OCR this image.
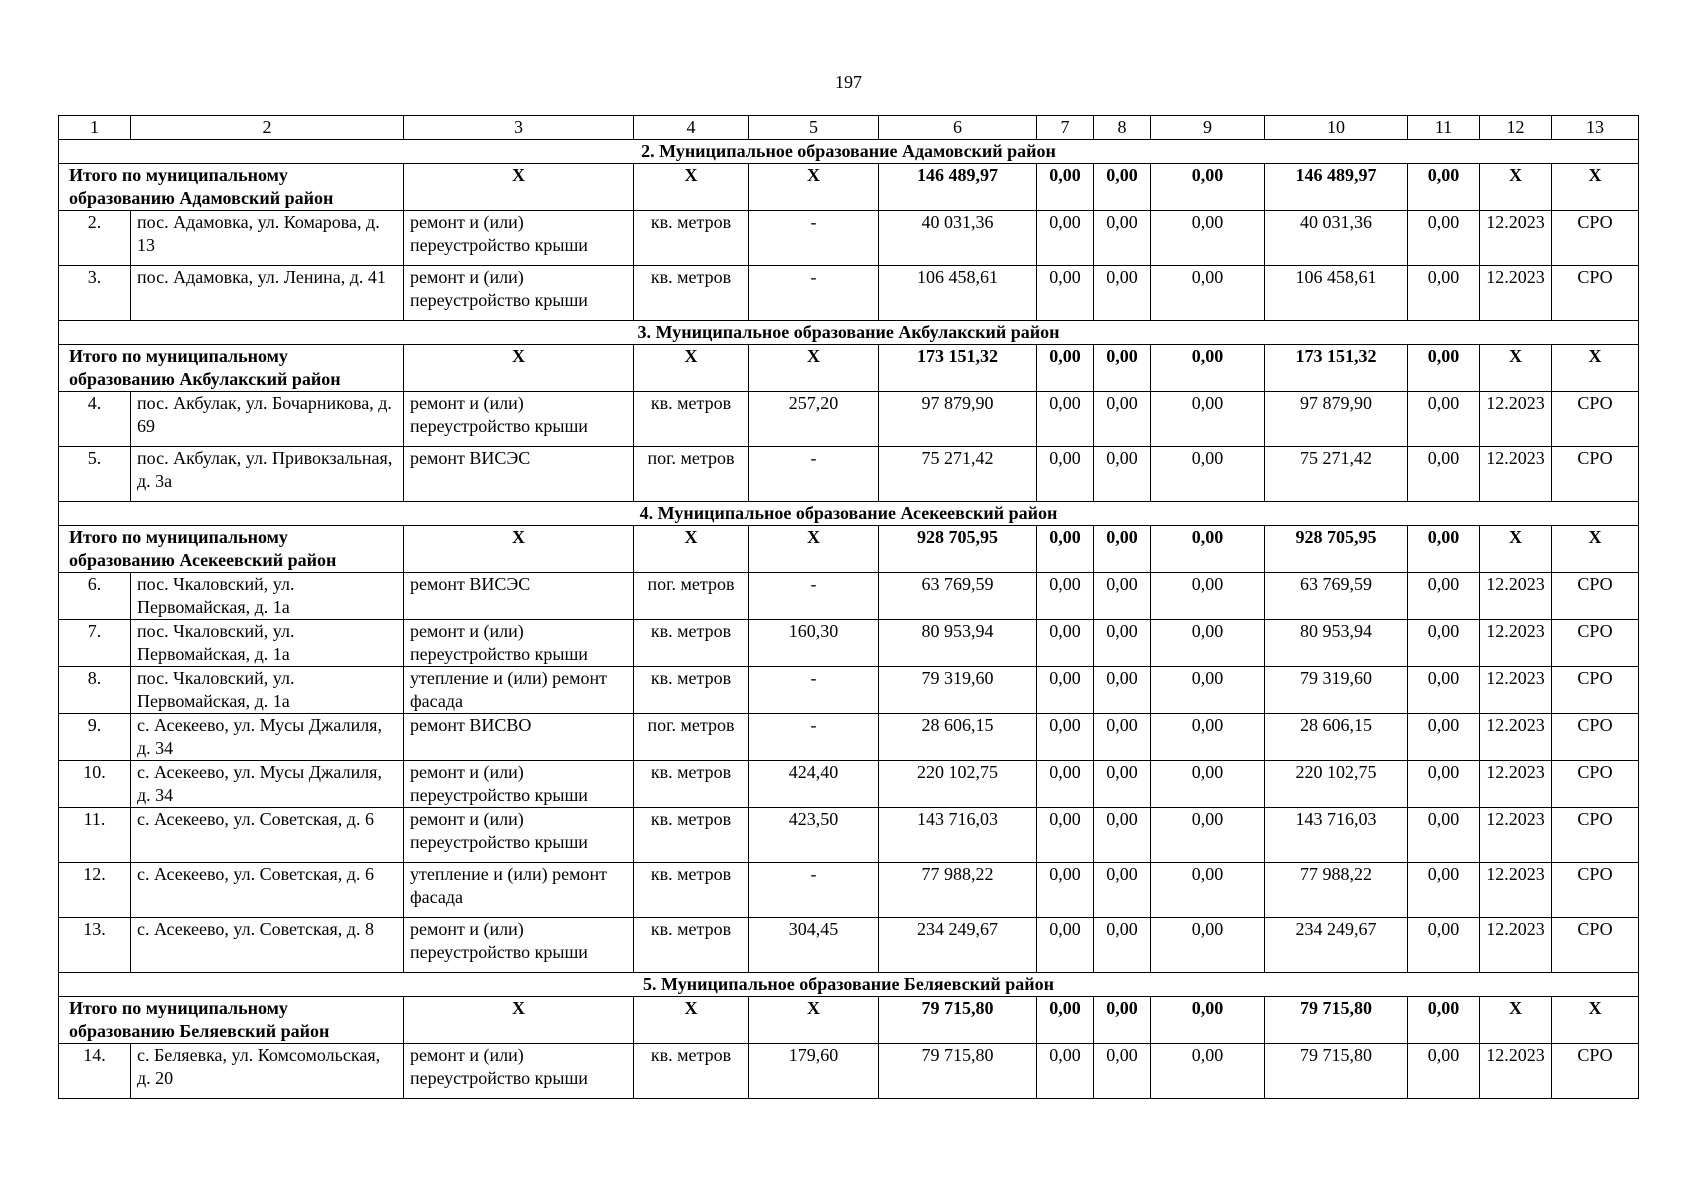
197
1	2	3	4	5	6	7	8	9	10	11	12	13
2. Муниципальное образование Адамовский район												
Итого по муниципальному образованию Адамовский район		Х	Х	Х	146 489,97	0,00	0,00	0,00	146 489,97	0,00	Х	Х
2.	пос. Адамовка, ул. Комарова, д. 13	ремонт и (или) переустройство крыши	кв. метров	-	40 031,36	0,00	0,00	0,00	40 031,36	0,00	12.2023	СРО
3.	пос. Адамовка, ул. Ленина, д. 41	ремонт и (или) переустройство крыши	кв. метров	-	106 458,61	0,00	0,00	0,00	106 458,61	0,00	12.2023	СРО
3. Муниципальное образование Акбулакский район												
Итого по муниципальному образованию Акбулакский район		Х	Х	Х	173 151,32	0,00	0,00	0,00	173 151,32	0,00	Х	Х
4.	пос. Акбулак, ул. Бочарникова, д. 69	ремонт и (или) переустройство крыши	кв. метров	257,20	97 879,90	0,00	0,00	0,00	97 879,90	0,00	12.2023	СРО
5.	пос. Акбулак, ул. Привокзальная, д. 3а	ремонт ВИСЭС	пог. метров	-	75 271,42	0,00	0,00	0,00	75 271,42	0,00	12.2023	СРО
4. Муниципальное образование Асекеевский район												
Итого по муниципальному образованию Асекеевский район		Х	Х	Х	928 705,95	0,00	0,00	0,00	928 705,95	0,00	Х	Х
6.	пос. Чкаловский, ул. Первомайская, д. 1а	ремонт ВИСЭС	пог. метров	-	63 769,59	0,00	0,00	0,00	63 769,59	0,00	12.2023	СРО
7.	пос. Чкаловский, ул. Первомайская, д. 1а	ремонт и (или) переустройство крыши	кв. метров	160,30	80 953,94	0,00	0,00	0,00	80 953,94	0,00	12.2023	СРО
8.	пос. Чкаловский, ул. Первомайская, д. 1а	утепление и (или) ремонт фасада	кв. метров	-	79 319,60	0,00	0,00	0,00	79 319,60	0,00	12.2023	СРО
9.	с. Асекеево, ул. Мусы Джалиля, д. 34	ремонт ВИСВО	пог. метров	-	28 606,15	0,00	0,00	0,00	28 606,15	0,00	12.2023	СРО
10.	с. Асекеево, ул. Мусы Джалиля, д. 34	ремонт и (или) переустройство крыши	кв. метров	424,40	220 102,75	0,00	0,00	0,00	220 102,75	0,00	12.2023	СРО
11.	с. Асекеево, ул. Советская, д. 6	ремонт и (или) переустройство крыши	кв. метров	423,50	143 716,03	0,00	0,00	0,00	143 716,03	0,00	12.2023	СРО
12.	с. Асекеево, ул. Советская, д. 6	утепление и (или) ремонт фасада	кв. метров	-	77 988,22	0,00	0,00	0,00	77 988,22	0,00	12.2023	СРО
13.	с. Асекеево, ул. Советская, д. 8	ремонт и (или) переустройство крыши	кв. метров	304,45	234 249,67	0,00	0,00	0,00	234 249,67	0,00	12.2023	СРО
5. Муниципальное образование Беляевский район												
Итого по муниципальному образованию Беляевский район		Х	Х	Х	79 715,80	0,00	0,00	0,00	79 715,80	0,00	Х	Х
14.	с. Беляевка, ул. Комсомольская, д. 20	ремонт и (или) переустройство крыши	кв. метров	179,60	79 715,80	0,00	0,00	0,00	79 715,80	0,00	12.2023	СРО
